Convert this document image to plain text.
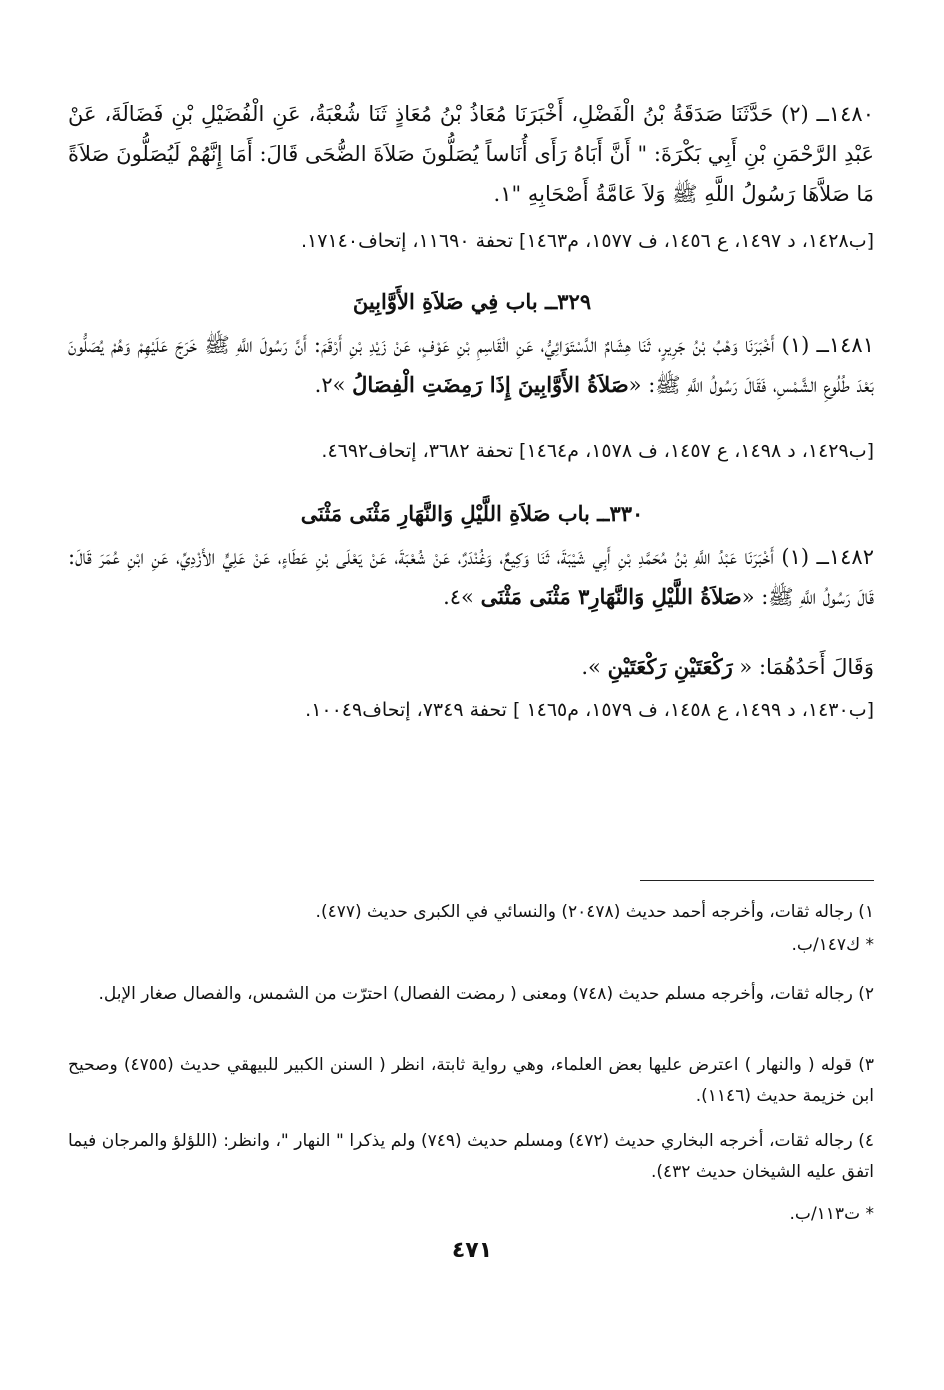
١٤٨٠ــ (٢) حَدَّثَنَا صَدَقَةُ بْنُ الْفَضْلِ، أَخْبَرَنَا مُعَاذُ بْنُ مُعَاذٍ ثَنَا شُعْبَةُ، عَنِ الْفُضَيْلِ بْنِ فَضَالَةَ، عَنْ عَبْدِ الرَّحْمَنِ بْنِ أَبِي بَكْرَةَ: " أَنَّ أَبَاهُ رَأَى أُنَاساً يُصَلُّونَ صَلاَةَ الضُّحَى قَالَ: أَمَا إِنَّهُمْ لَيُصَلُّونَ صَلاَةً مَا صَلاَّهَا رَسُولُ اللَّهِ ﷺ وَلاَ عَامَّةُ أَصْحَابِهِ "١.

[ب١٤٢٨، د ١٤٩٧، ع ١٤٥٦، ف ١٥٧٧، م١٤٦٣] تحفة ١١٦٩٠، إتحاف١٧١٤٠.

٣٢٩ــ باب فِي صَلاَةِ الأَوَّابِينَ

١٤٨١ــ (١) أَخْبَرَنَا وَهْبُ بْنُ جَرِيرٍ، ثَنَا هِشَامٌ الدَّسْتَوَائِيُّ، عَنِ الْقَاسِمِ بْنِ عَوْفٍ، عَنْ زَيْدِ بْنِ أَرْقَمَ: أَنَّ رَسُولَ اللَّهِ ﷺ خَرَجَ عَلَيْهِمْ وَهُمْ يُصَلُّونَ بَعْدَ طُلُوعِ الشَّمْسِ، فَقَالَ رَسُولُ اللَّهِ ﷺ: «صَلاَةُ الأَوَّابِينَ إِذَا رَمِضَتِ الْفِصَالُ »٢.

[ب١٤٢٩، د ١٤٩٨، ع ١٤٥٧، ف ١٥٧٨، م١٤٦٤] تحفة ٣٦٨٢، إتحاف٤٦٩٢.

٣٣٠ــ باب صَلاَةِ اللَّيْلِ وَالنَّهَارِ مَثْنَى مَثْنَى

١٤٨٢ــ (١) أَخْبَرَنَا عَبْدُ اللَّهِ بْنُ مُحَمَّدِ بْنِ أَبِي شَيْبَةَ، ثَنَا وَكِيعٌ، وَغُنْدَرٌ، عَنْ شُعْبَةَ، عَنْ يَعْلَى بْنِ عَطَاءٍ، عَنْ عَلِيٍّ الأَزْدِيِّ، عَنِ ابْنِ عُمَرَ قَالَ: قَالَ رَسُولُ اللَّهِ ﷺ: «صَلاَةُ اللَّيْلِ وَالنَّهَارِ٣ مَثْنَى مَثْنَى »٤.

وَقَالَ أَحَدُهُمَا: « رَكْعَتَيْنِ رَكْعَتَيْنِ ».

[ب١٤٣٠، د ١٤٩٩، ع ١٤٥٨، ف ١٥٧٩، م١٤٦٥ ] تحفة ٧٣٤٩، إتحاف١٠٠٤٩.

١) رجاله ثقات، وأخرجه أحمد حديث (٢٠٤٧٨) والنسائي في الكبرى حديث (٤٧٧).

* ك١٤٧/ب.

٢) رجاله ثقات، وأخرجه مسلم حديث (٧٤٨) ومعنى ( رمضت الفصال) احترّت من الشمس، والفصال صغار الإبل.

٣) قوله ( والنهار ) اعترض عليها بعض العلماء، وهي رواية ثابتة، انظر ( السنن الكبير للبيهقي حديث (٤٧٥٥) وصحيح ابن خزيمة حديث (١١٤٦).

٤) رجاله ثقات، أخرجه البخاري حديث (٤٧٢) ومسلم حديث (٧٤٩) ولم يذكرا " النهار "، وانظر: (اللؤلؤ والمرجان فيما اتفق عليه الشيخان حديث ٤٣٢).

* ت١١٣/ب.

٤٧١
